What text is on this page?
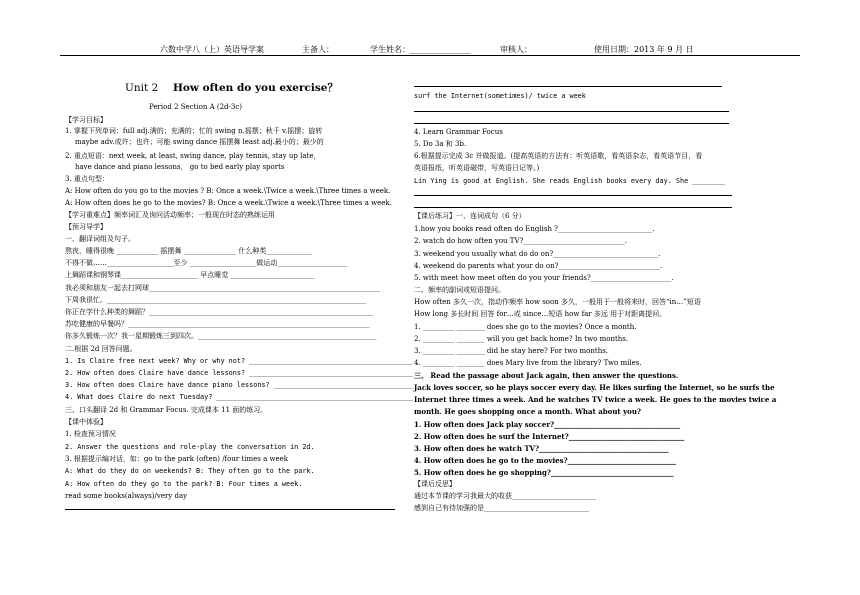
六数中学八（上）英语导学案	主备人：	学生姓名：_______________	审核人：	使用日期：2013 年 9 月 日
Unit 2 How often do you exercise？
Period 2 Section A (2d-3c)
【学习目标】
1. 掌握下列单词：full adj.满的；充满的；忙的 swing n.摇摆；秋千 v.摇摆；旋转
maybe adv.或许；也许；可能 swing dance 摇摆舞 least adj.最小的；最少的
2. 重点短语：next week, at least, swing dance, play tennis, stay up late，
have dance and piano lessons， go to bed early play sports
3. 重点句型：
A: How often do you go to the movies ? B: Once a week.\Twice a week.\Three times a week.
A: How often does he go to the movies? B: Once a week.\Twice a week.\Three times a week.
【学习重难点】频率词汇及询问活动频率；一般现在时态的熟练运用
【预习导学】
一、翻译词组及句子。
熬夜，睡得很晚 ____________ 摇摆舞 _______________ 什么种类_____________
不得不做……___________________至少 ___________________做运动____________________
上舞蹈课和钢琴课______________________ 早点睡觉 ________________________
我必须和朋友一起去打网球__________________________________________________________________
下周我很忙。__________________________________________________________________________
你正在学什么种类的舞蹈？________________________________________________________________
苏吃健康的早餐吗？_____________________________________________________________________
你多久锻炼一次？我一星期锻炼三到四次。___________________________________________________
二.根据 2d 回答问题。
1. Is Claire free next week? Why or why not? ________________________________________
2. How often does Claire have dance lessons? ________________________________________
3. How often does Claire have dance piano lessons? __________________________________
4. What does Claire do next Tuesday? ________________________________________________
三、口头翻译 2d 和 Grammar Focus. 完成课本 11 面的练习。
【课中体验】
1. 检查预习情况
2. Answer the questions and role-play the conversation in 2d.
3. 根据提示编对话，如：go to the park (often) /four times a week
A: What do they do on weekends? B: They often go to the park.
A: How often do they go to the park? B: Four times a week.
read some books(always)/very day
surf the Internet(sometimes)/ twice a week
4. Learn Grammar Focus
5. Do 3a 和 3b.
6.根据提示完成 3c 并做报道。(提高英语的方法有：听英语歌，看英语杂志，看英语节目，看
英语报纸，听英语磁带，写英语日记等。)
Lin Ying is good at English. She reads English books every day. She ________
【课后练习】一、连词成句（6 分）
1.how you books read often do English ?___________________________.
2. watch do how often you TV?_____________________________.
3. weekend you usually what do do on?______________________________.
4. weekend do parents what your do on?_____________________________.
5. with meet how meet often do you your friends?_______________________.
二、频率的副词或短语提问。
How often 多久一次，指动作频率 how soon 多久，一般用于一般将来时，回答“in…”短语
How long 多长时间 回答 for…或 since…短语 how far 多远 用于对距离提问。
1. _________ ________ does she go to the movies? Once a month.
2. _________ ________ will you get back home? In two months.
3. _________ ________ did he stay here? For two months.
4. _________ ________ does Mary live from the library? Two miles.
三、 Read the passage about Jack again, then answer the questions.
Jack loves soccer, so he plays soccer every day. He likes surfing the Internet, so he surfs the
Internet three times a week. And he watches TV twice a week. He goes to the movies twice a
month. He goes shopping once a month. What about you?
1. How often does Jack play soccer?____________________________________
2. How often does he surf the Internet?_________________________________
3. How often does he watch TV?_____________________________________
4. How often does he go to the movies?_______________________________
5. How often does he go shopping?___________________________________
【课后反思】
通过本节课的学习我最大的收获________________________
感到自己有待加强的是______________________________
